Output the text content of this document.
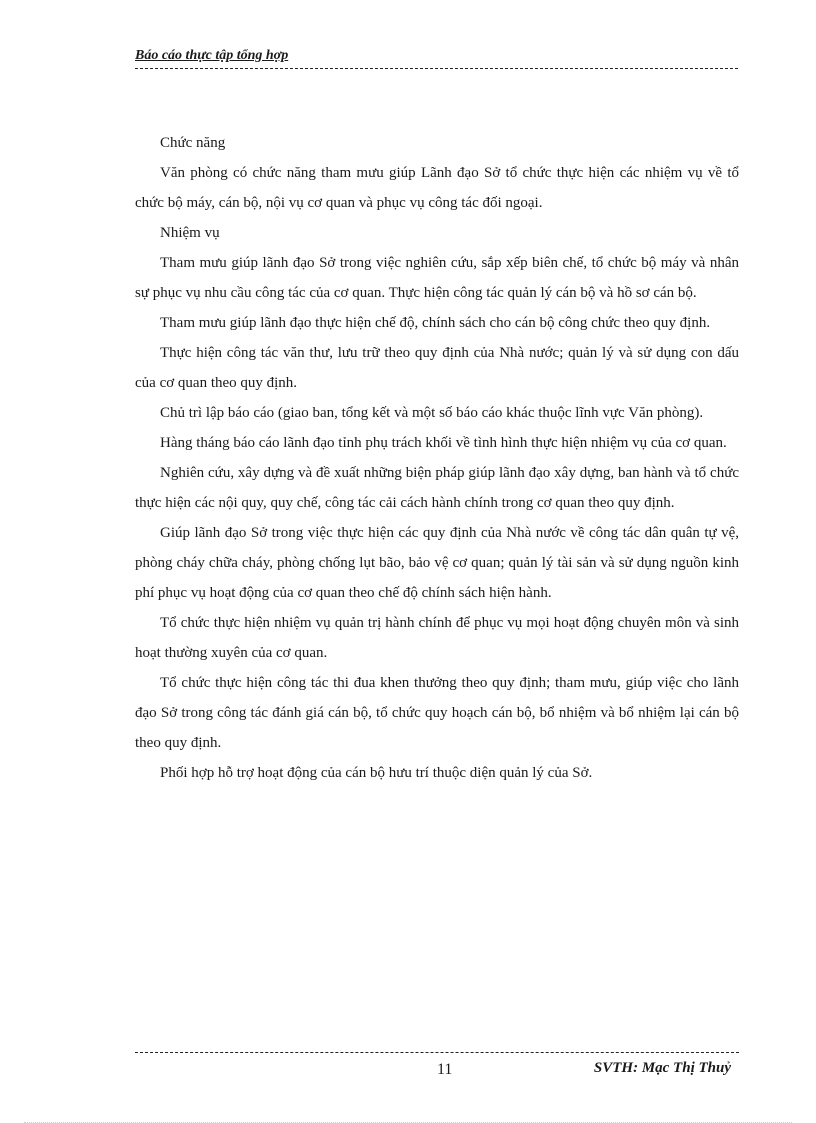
Báo cáo thực tập tổng hợp

Chức năng

Văn phòng có chức năng tham mưu giúp Lãnh đạo Sở tổ chức thực hiện các nhiệm vụ về tổ chức bộ máy, cán bộ, nội vụ cơ quan và phục vụ công tác đối ngoại.

Nhiệm vụ

Tham mưu giúp lãnh đạo Sở trong việc nghiên cứu, sắp xếp biên chế, tổ chức bộ máy và nhân sự phục vụ nhu cầu công tác của cơ quan. Thực hiện công tác quản lý cán bộ và hồ sơ cán bộ.

Tham mưu giúp lãnh đạo thực hiện chế độ, chính sách cho cán bộ công chức theo quy định.

Thực hiện công tác văn thư, lưu trữ theo quy định của Nhà nước; quản lý và sử dụng con dấu của cơ quan theo quy định.

Chủ trì lập báo cáo (giao ban, tổng kết và một số báo cáo khác thuộc lĩnh vực Văn phòng).

Hàng tháng báo cáo lãnh đạo tỉnh phụ trách khối về tình hình thực hiện nhiệm vụ của cơ quan.

Nghiên cứu, xây dựng và đề xuất những biện pháp giúp lãnh đạo xây dựng, ban hành và tổ chức thực hiện các nội quy, quy chế, công tác cải cách hành chính trong cơ quan theo quy định.

Giúp lãnh đạo Sở trong việc thực hiện các quy định của Nhà nước về công tác dân quân tự vệ, phòng cháy chữa cháy, phòng chống lụt bão, bảo vệ cơ quan; quản lý tài sản và sử dụng nguồn kinh phí phục vụ hoạt động của cơ quan theo chế độ chính sách hiện hành.

Tổ chức thực hiện nhiệm vụ quản trị hành chính để phục vụ mọi hoạt động chuyên môn và sinh hoạt thường xuyên của cơ quan.

Tổ chức thực hiện công tác thi đua khen thưởng theo quy định; tham mưu, giúp việc cho lãnh đạo Sở trong công tác đánh giá cán bộ, tổ chức quy hoạch cán bộ, bổ nhiệm và bổ nhiệm lại cán bộ theo quy định.

Phối hợp hỗ trợ hoạt động của cán bộ hưu trí thuộc diện quản lý của Sở.

11	SVTH: Mạc Thị Thuỷ
